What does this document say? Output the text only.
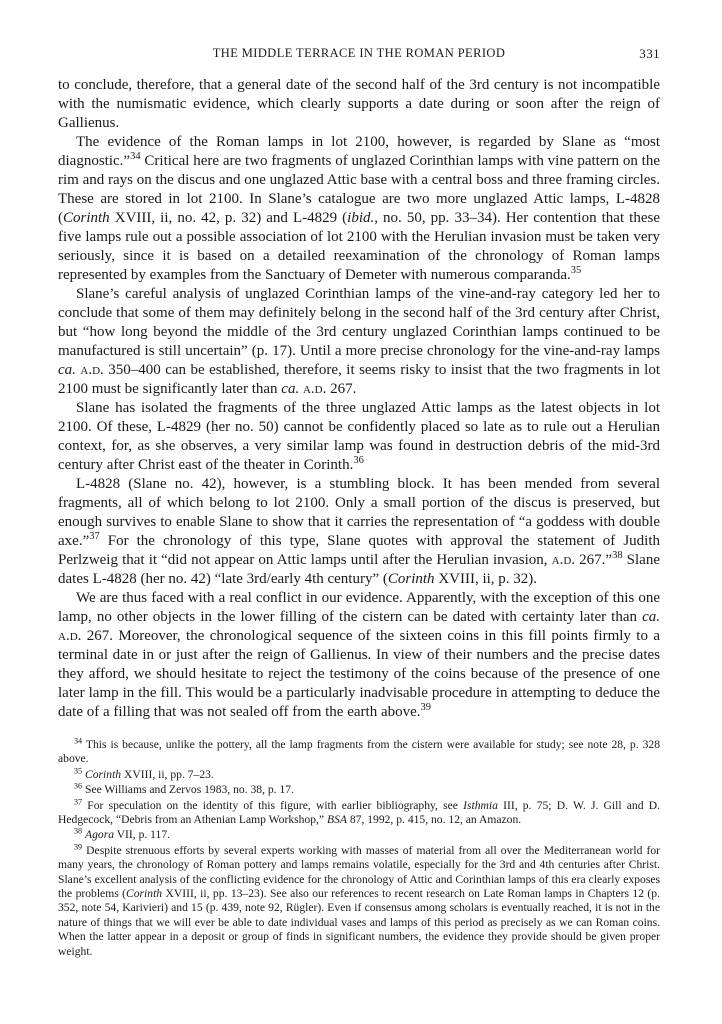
THE MIDDLE TERRACE IN THE ROMAN PERIOD	331

to conclude, therefore, that a general date of the second half of the 3rd century is not incompatible with the numismatic evidence, which clearly supports a date during or soon after the reign of Gallienus.

The evidence of the Roman lamps in lot 2100, however, is regarded by Slane as “most diagnostic.”$^{34}$ Critical here are two fragments of unglazed Corinthian lamps with vine pattern on the rim and rays on the discus and one unglazed Attic base with a central boss and three framing circles. These are stored in lot 2100. In Slane’s catalogue are two more unglazed Attic lamps, L-4828 (Corinth XVIII, ii, no. 42, p. 32) and L-4829 (ibid., no. 50, pp. 33–34). Her contention that these five lamps rule out a possible association of lot 2100 with the Herulian invasion must be taken very seriously, since it is based on a detailed reexamination of the chronology of Roman lamps represented by examples from the Sanctuary of Demeter with numerous comparanda.$^{35}$

Slane’s careful analysis of unglazed Corinthian lamps of the vine-and-ray category led her to conclude that some of them may definitely belong in the second half of the 3rd century after Christ, but “how long beyond the middle of the 3rd century unglazed Corinthian lamps continued to be manufactured is still uncertain” (p. 17). Until a more precise chronology for the vine-and-ray lamps ca. a.d. 350–400 can be established, therefore, it seems risky to insist that the two fragments in lot 2100 must be significantly later than ca. a.d. 267.

Slane has isolated the fragments of the three unglazed Attic lamps as the latest objects in lot 2100. Of these, L-4829 (her no. 50) cannot be confidently placed so late as to rule out a Herulian context, for, as she observes, a very similar lamp was found in destruction debris of the mid-3rd century after Christ east of the theater in Corinth.$^{36}$

L-4828 (Slane no. 42), however, is a stumbling block. It has been mended from several fragments, all of which belong to lot 2100. Only a small portion of the discus is preserved, but enough survives to enable Slane to show that it carries the representation of “a goddess with double axe.”$^{37}$ For the chronology of this type, Slane quotes with approval the statement of Judith Perlzweig that it “did not appear on Attic lamps until after the Herulian invasion, a.d. 267.”$^{38}$ Slane dates L-4828 (her no. 42) “late 3rd/early 4th century” (Corinth XVIII, ii, p. 32).

We are thus faced with a real conflict in our evidence. Apparently, with the exception of this one lamp, no other objects in the lower filling of the cistern can be dated with certainty later than ca. a.d. 267. Moreover, the chronological sequence of the sixteen coins in this fill points firmly to a terminal date in or just after the reign of Gallienus. In view of their numbers and the precise dates they afford, we should hesitate to reject the testimony of the coins because of the presence of one later lamp in the fill. This would be a particularly inadvisable procedure in attempting to deduce the date of a filling that was not sealed off from the earth above.$^{39}$

$^{34}$ This is because, unlike the pottery, all the lamp fragments from the cistern were available for study; see note 28, p. 328 above.

$^{35}$ Corinth XVIII, ii, pp. 7–23.

$^{36}$ See Williams and Zervos 1983, no. 38, p. 17.

$^{37}$ For speculation on the identity of this figure, with earlier bibliography, see Isthmia III, p. 75; D. W. J. Gill and D. Hedgecock, “Debris from an Athenian Lamp Workshop,” BSA 87, 1992, p. 415, no. 12, an Amazon.

$^{38}$ Agora VII, p. 117.

$^{39}$ Despite strenuous efforts by several experts working with masses of material from all over the Mediterranean world for many years, the chronology of Roman pottery and lamps remains volatile, especially for the 3rd and 4th centuries after Christ. Slane’s excellent analysis of the conflicting evidence for the chronology of Attic and Corinthian lamps of this era clearly exposes the problems (Corinth XVIII, ii, pp. 13–23). See also our references to recent research on Late Roman lamps in Chapters 12 (p. 352, note 54, Karivieri) and 15 (p. 439, note 92, Rügler). Even if consensus among scholars is eventually reached, it is not in the nature of things that we will ever be able to date individual vases and lamps of this period as precisely as we can Roman coins. When the latter appear in a deposit or group of finds in significant numbers, the evidence they provide should be given proper weight.
